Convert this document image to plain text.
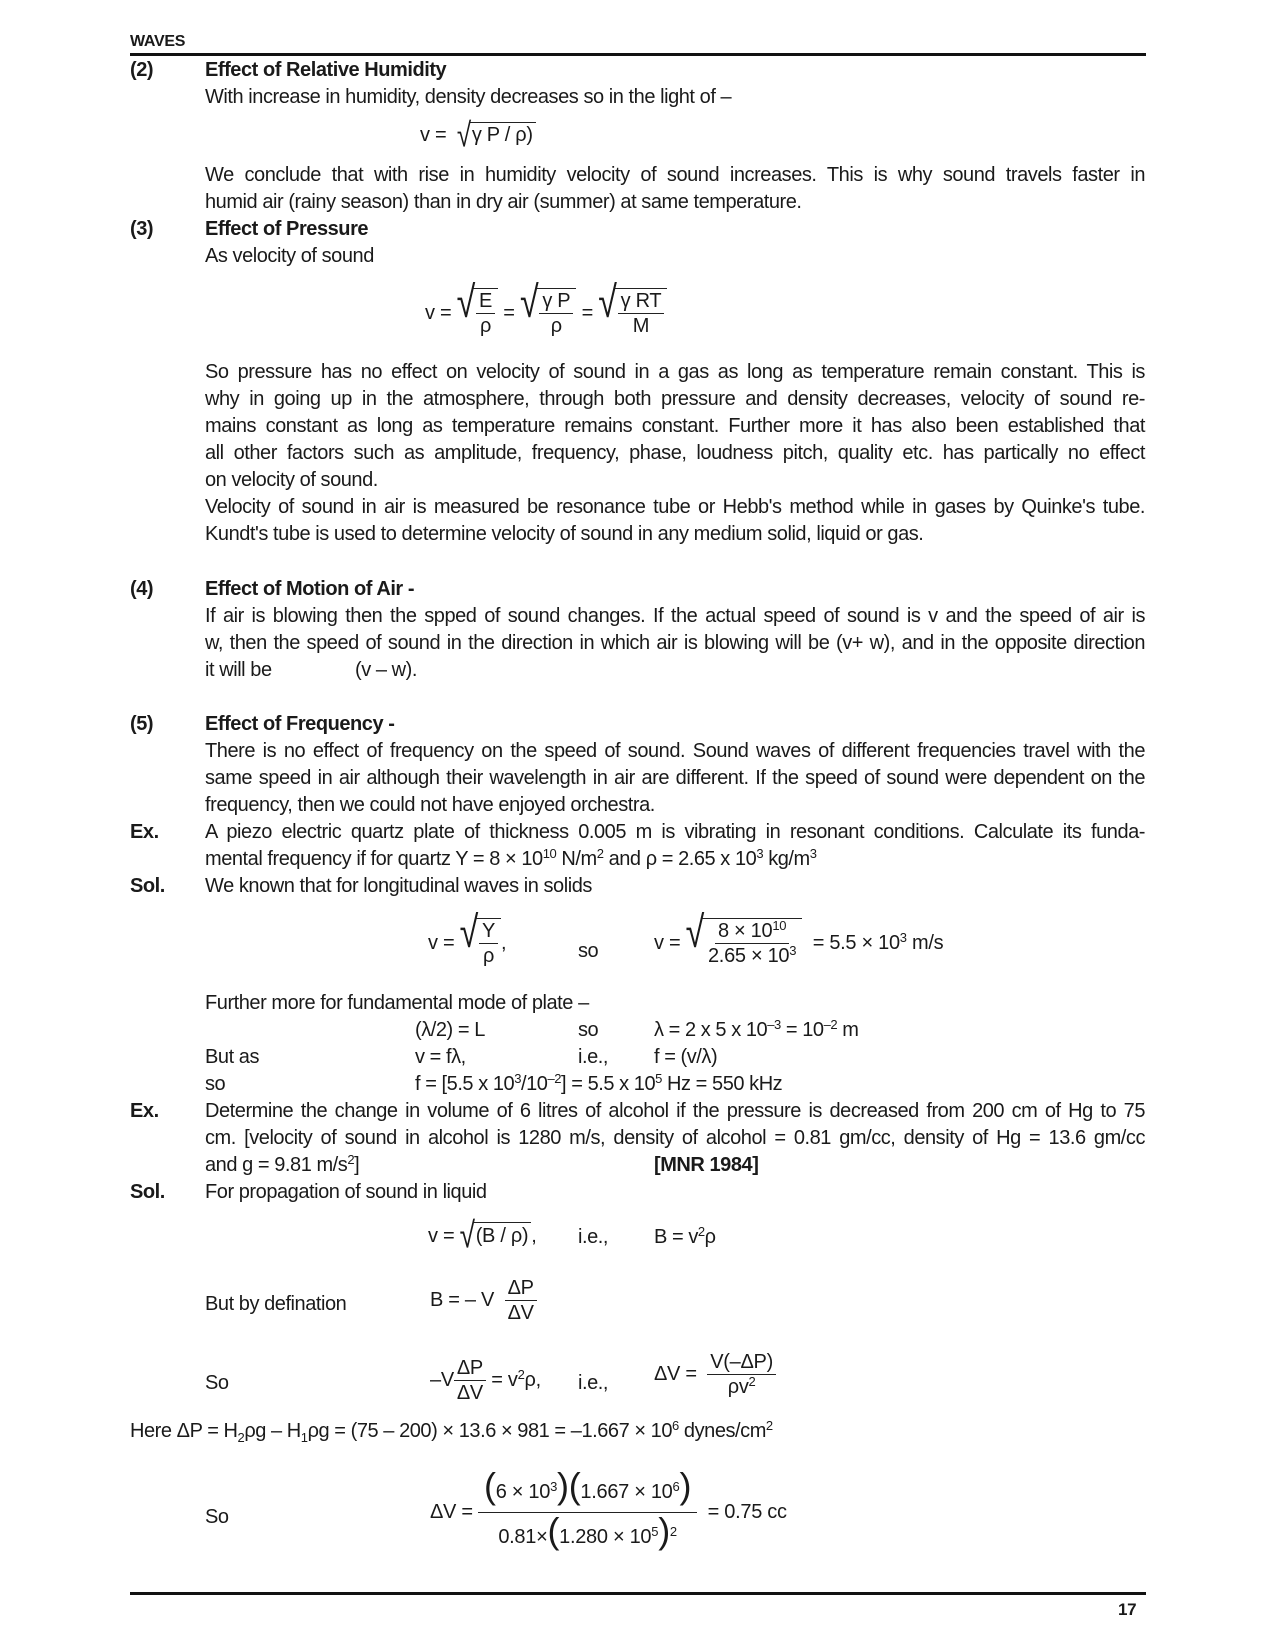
WAVES
(2)	Effect of Relative Humidity
With increase in humidity, density decreases so in the light of –
v =
√ γ P / ρ)
We conclude that with rise in humidity velocity of sound increases. This is why sound travels faster in
humid air (rainy season) than in dry air (summer) at same temperature.
(3)	Effect of Pressure
As velocity of sound
v =
√ $\frac{E}{\rho}$
=
√ $\frac{\text{γ P}}{\rho}$
=
√ $\frac{\text{γ RT}}{M}$
So pressure has no effect on velocity of sound in a gas as long as temperature remain constant. This is
why in going up in the atmosphere, through both pressure and density decreases, velocity of sound re-
mains constant as long as temperature remains constant. Further more it has also been established that
all other factors such as amplitude, frequency, phase, loudness pitch, quality etc. has partically no effect
on velocity of sound.
Velocity of sound in air is measured be resonance tube or Hebb's method while in gases by Quinke's tube.
Kundt's tube is used to determine velocity of sound in any medium solid, liquid or gas.
(4)	Effect of Motion of Air -
If air is blowing then the spped of sound changes. If the actual speed of sound is v and the speed of air is
w, then the speed of sound in the direction in which air is blowing will be (v+ w), and in the opposite direction
it will be	(v – w).
(5)	Effect of Frequency -
There is no effect of frequency on the speed of sound. Sound waves of different frequencies travel with the
same speed in air although their wavelength in air are different. If the speed of sound were dependent on the
frequency, then we could not have enjoyed orchestra.
Ex. A piezo electric quartz plate of thickness 0.005 m is vibrating in resonant conditions. Calculate its funda-
mental frequency if for quartz $Y = 8 \times 10^{10}$ $N/m^2$ and ρ = 2.65 x $10^3$ $kg/m^3$
Sol. We known that for longitudinal waves in solids
v =
√ $\frac{Y}{\rho}$ ,	so	v =
√ $\frac{8 \times 10^{10}}{2.65 \times 10^3}$
= $5.5 \times 10^3$ m/s
Further more for fundamental mode of plate –
(λ/2) = L	so	λ = 2 x 5 x $10^{-3} = 10^{-2}$ m
But as	v = fλ,	i.e., f = (v/λ)
so	f = [5.5 x $10^3/10^{-2}] = 5.5$ x $10^5$ Hz = 550 kHz
Ex. Determine the change in volume of 6 litres of alcohol if the pressure is decreased from 200 cm of Hg to 75
cm. [velocity of sound in alcohol is 1280 m/s, density of alcohol = 0.81 gm/cc, density of Hg = 13.6 gm/cc
and g = 9.81 $m/s^2$]	[MNR 1984]
Sol. For propagation of sound in liquid
v =
√ (B / ρ) , i.e., $B = v^2\rho$
But by defination	B = – V
$\frac{\Delta P}{\Delta V}$
So	$-V \frac{\Delta P}{\Delta V} = v^2\rho$, i.e., ΔV =
$\frac{V(-\Delta P)}{\rho v^2}$
Here $\Delta P = H_2\rho g - H_1\rho g = (75 - 200) \times 13.6 \times 981 = -1.667 \times 10^6$ dynes/$cm^2$
So	ΔV =
$\frac{(6 \times 10^3)(1.667 \times 10^6)}{0.81\times(1.280 \times 10^5)^2}$
= 0.75 cc
17
